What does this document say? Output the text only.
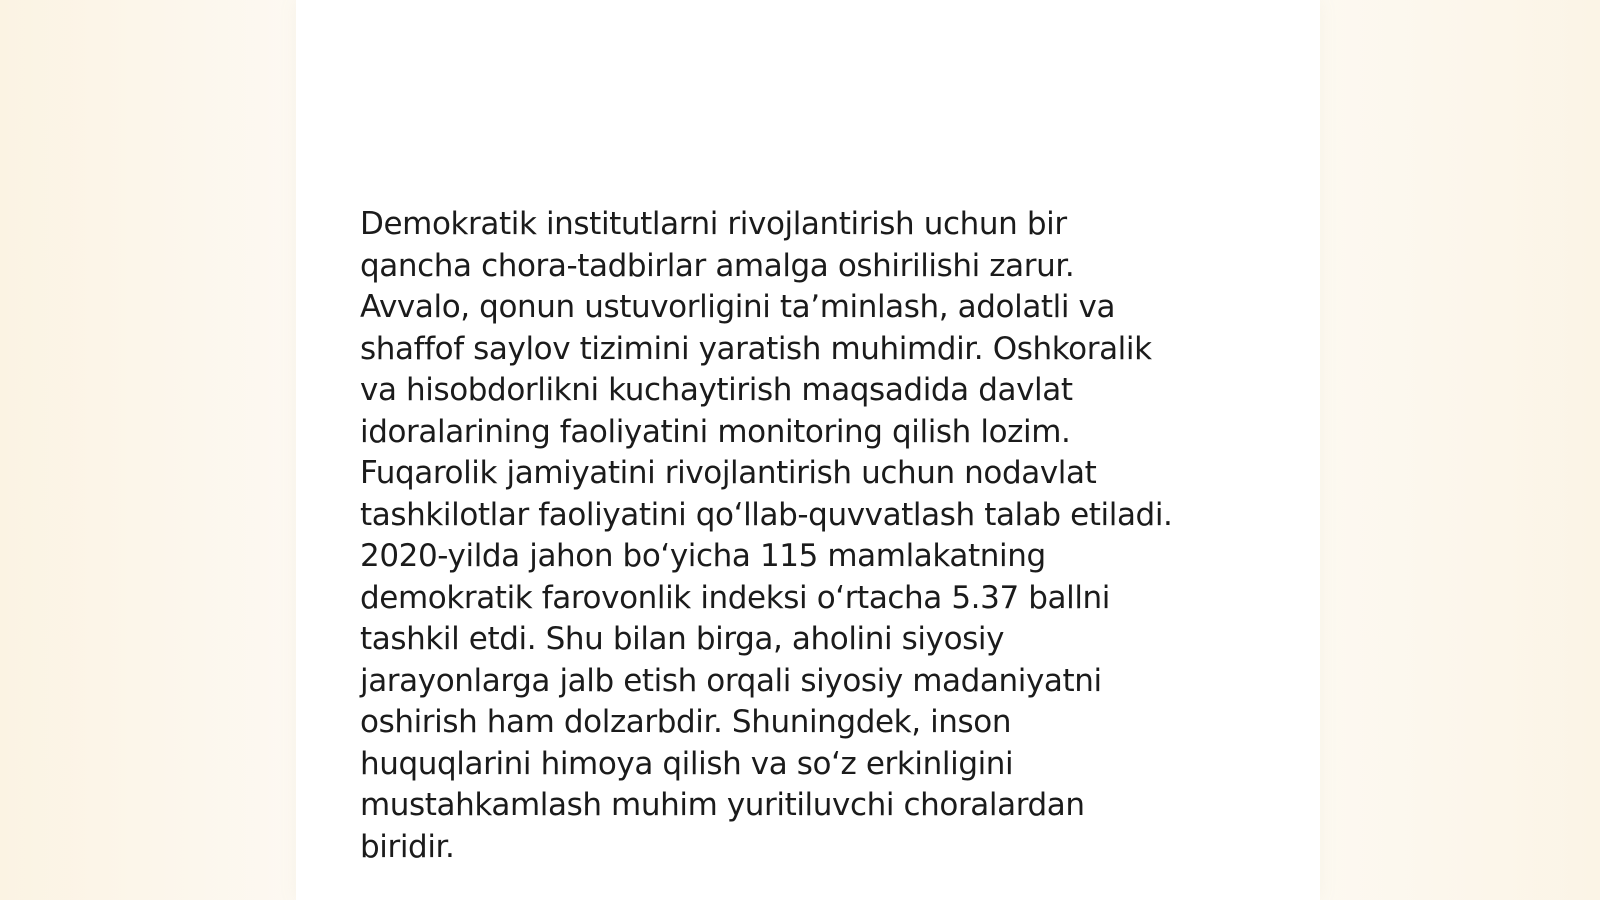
Demokratik institutlarni rivojlantirish uchun bir
qancha chora-tadbirlar amalga oshirilishi zarur.
Avvalo, qonun ustuvorligini ta’minlash, adolatli va
shaffof saylov tizimini yaratish muhimdir. Oshkoralik
va hisobdorlikni kuchaytirish maqsadida davlat
idoralarining faoliyatini monitoring qilish lozim.
Fuqarolik jamiyatini rivojlantirish uchun nodavlat
tashkilotlar faoliyatini qo‘llab-quvvatlash talab etiladi.
2020-yilda jahon bo‘yicha 115 mamlakatning
demokratik farovonlik indeksi o‘rtacha 5.37 ballni
tashkil etdi. Shu bilan birga, aholini siyosiy
jarayonlarga jalb etish orqali siyosiy madaniyatni
oshirish ham dolzarbdir. Shuningdek, inson
huquqlarini himoya qilish va so‘z erkinligini
mustahkamlash muhim yuritiluvchi choralardan
biridir.
